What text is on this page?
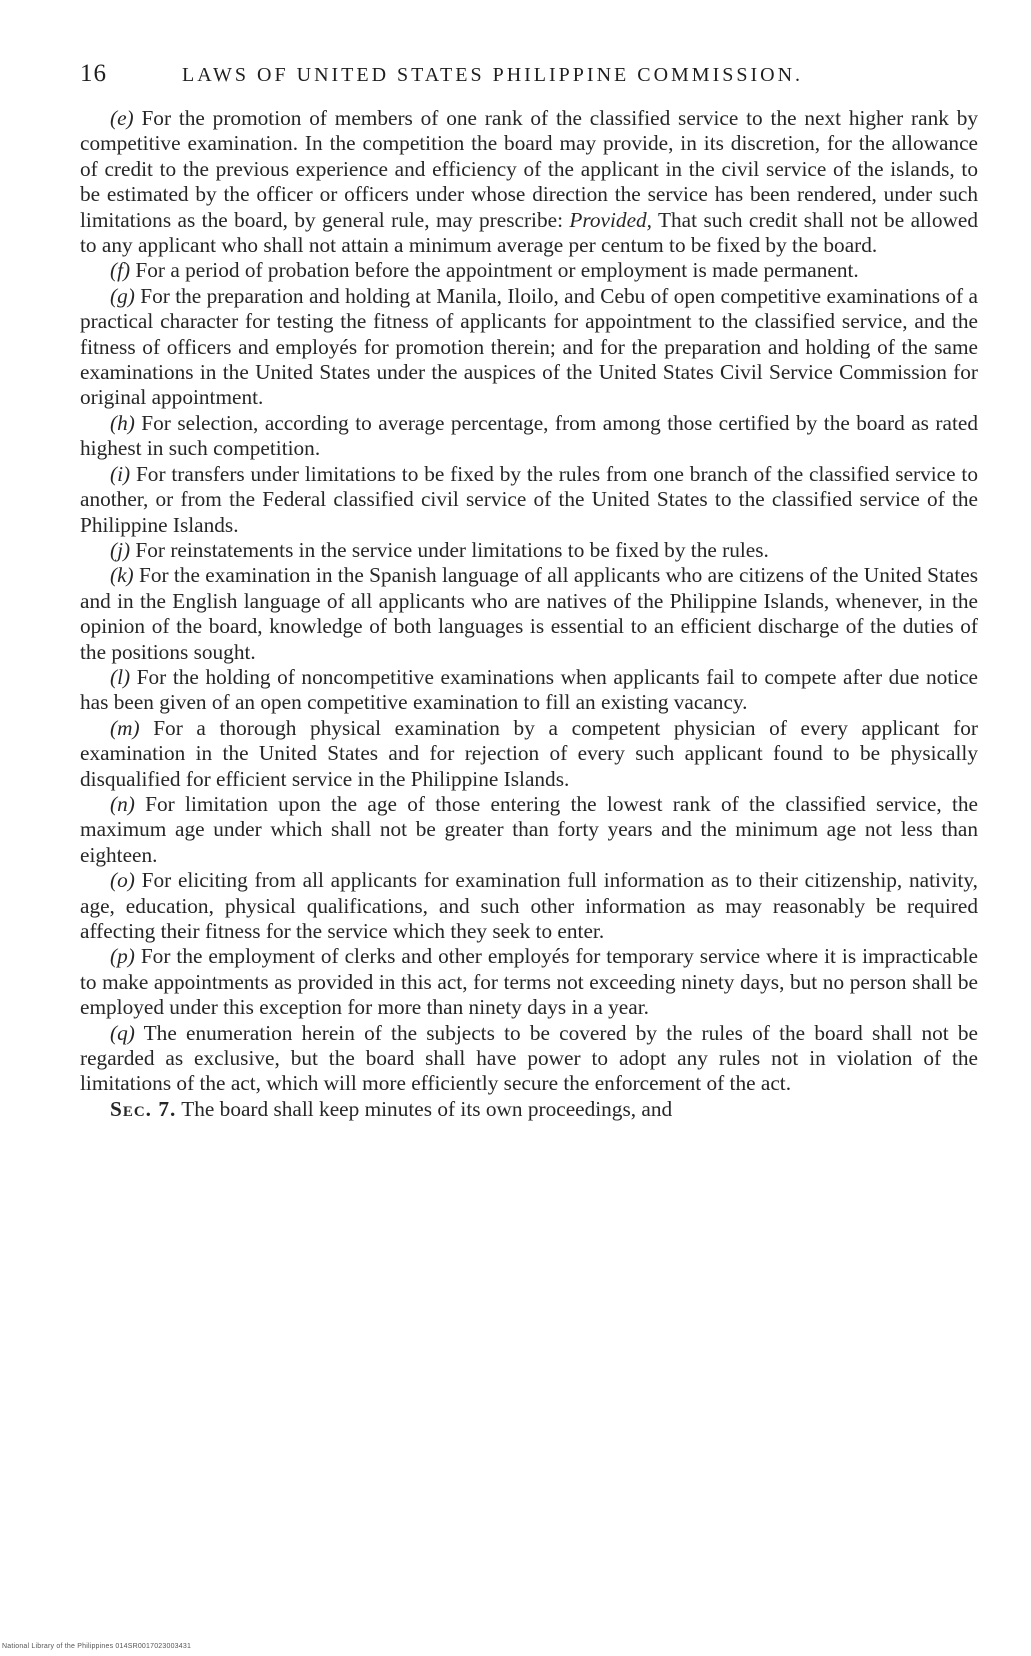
16	LAWS OF UNITED STATES PHILIPPINE COMMISSION.

(e) For the promotion of members of one rank of the classified service to the next higher rank by competitive examination. In the competition the board may provide, in its discretion, for the allowance of credit to the previous experience and efficiency of the applicant in the civil service of the islands, to be estimated by the officer or officers under whose direction the service has been rendered, under such limitations as the board, by general rule, may prescribe: Provided, That such credit shall not be allowed to any applicant who shall not attain a minimum average per centum to be fixed by the board.

(f) For a period of probation before the appointment or employment is made permanent.

(g) For the preparation and holding at Manila, Iloilo, and Cebu of open competitive examinations of a practical character for testing the fitness of applicants for appointment to the classified service, and the fitness of officers and employés for promotion therein; and for the preparation and holding of the same examinations in the United States under the auspices of the United States Civil Service Commission for original appointment.

(h) For selection, according to average percentage, from among those certified by the board as rated highest in such competition.

(i) For transfers under limitations to be fixed by the rules from one branch of the classified service to another, or from the Federal classified civil service of the United States to the classified service of the Philippine Islands.

(j) For reinstatements in the service under limitations to be fixed by the rules.

(k) For the examination in the Spanish language of all applicants who are citizens of the United States and in the English language of all applicants who are natives of the Philippine Islands, whenever, in the opinion of the board, knowledge of both languages is essential to an efficient discharge of the duties of the positions sought.

(l) For the holding of noncompetitive examinations when applicants fail to compete after due notice has been given of an open competitive examination to fill an existing vacancy.

(m) For a thorough physical examination by a competent physician of every applicant for examination in the United States and for rejection of every such applicant found to be physically disqualified for efficient service in the Philippine Islands.

(n) For limitation upon the age of those entering the lowest rank of the classified service, the maximum age under which shall not be greater than forty years and the minimum age not less than eighteen.

(o) For eliciting from all applicants for examination full information as to their citizenship, nativity, age, education, physical qualifications, and such other information as may reasonably be required affecting their fitness for the service which they seek to enter.

(p) For the employment of clerks and other employés for temporary service where it is impracticable to make appointments as provided in this act, for terms not exceeding ninety days, but no person shall be employed under this exception for more than ninety days in a year.

(q) The enumeration herein of the subjects to be covered by the rules of the board shall not be regarded as exclusive, but the board shall have power to adopt any rules not in violation of the limitations of the act, which will more efficiently secure the enforcement of the act.

Sec. 7. The board shall keep minutes of its own proceedings, and

National Library of the Philippines 014SR0017023003431
